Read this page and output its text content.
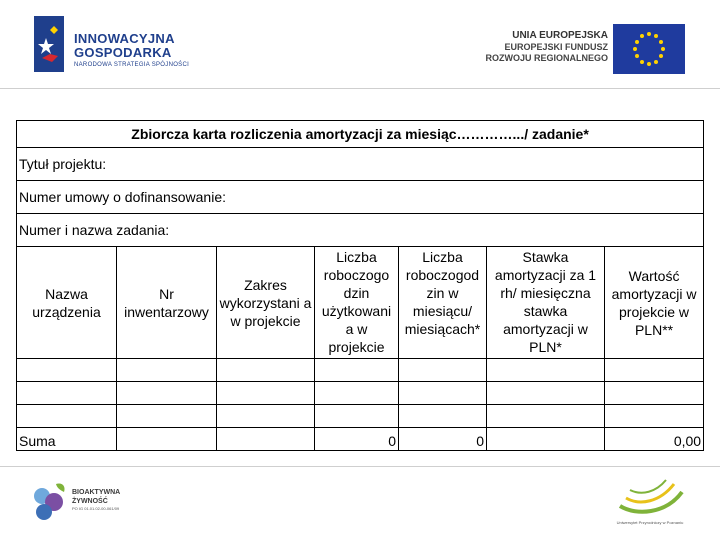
INNOWACYJNA
GOSPODARKA
NARODOWA STRATEGIA SPÓJNOŚCI
UNIA EUROPEJSKA
EUROPEJSKI FUNDUSZ
ROZWOJU REGIONALNEGO
Zbiorcza karta rozliczenia amortyzacji za miesiąc………….../ zadanie*						
Tytuł projektu:						
Numer umowy o dofinansowanie:						
Numer i nazwa zadania:						
Nazwa urządzenia	Nr inwentarzowy	Zakres wykorzystani a w projekcie	Liczba roboczogo dzin użytkowani a w projekcie	Liczba roboczogod zin w miesiącu/ miesiącach*	Stawka amortyzacji za 1 rh/ miesięczna stawka amortyzacji w PLN*	Wartość amortyzacji w projekcie w PLN**

Suma			0	0		0,00
BIOAKTYWNA
ŻYWNOŚĆ
PO IG 01.01.02-00-061/09
Uniwersytet Przyrodniczy w Poznaniu
